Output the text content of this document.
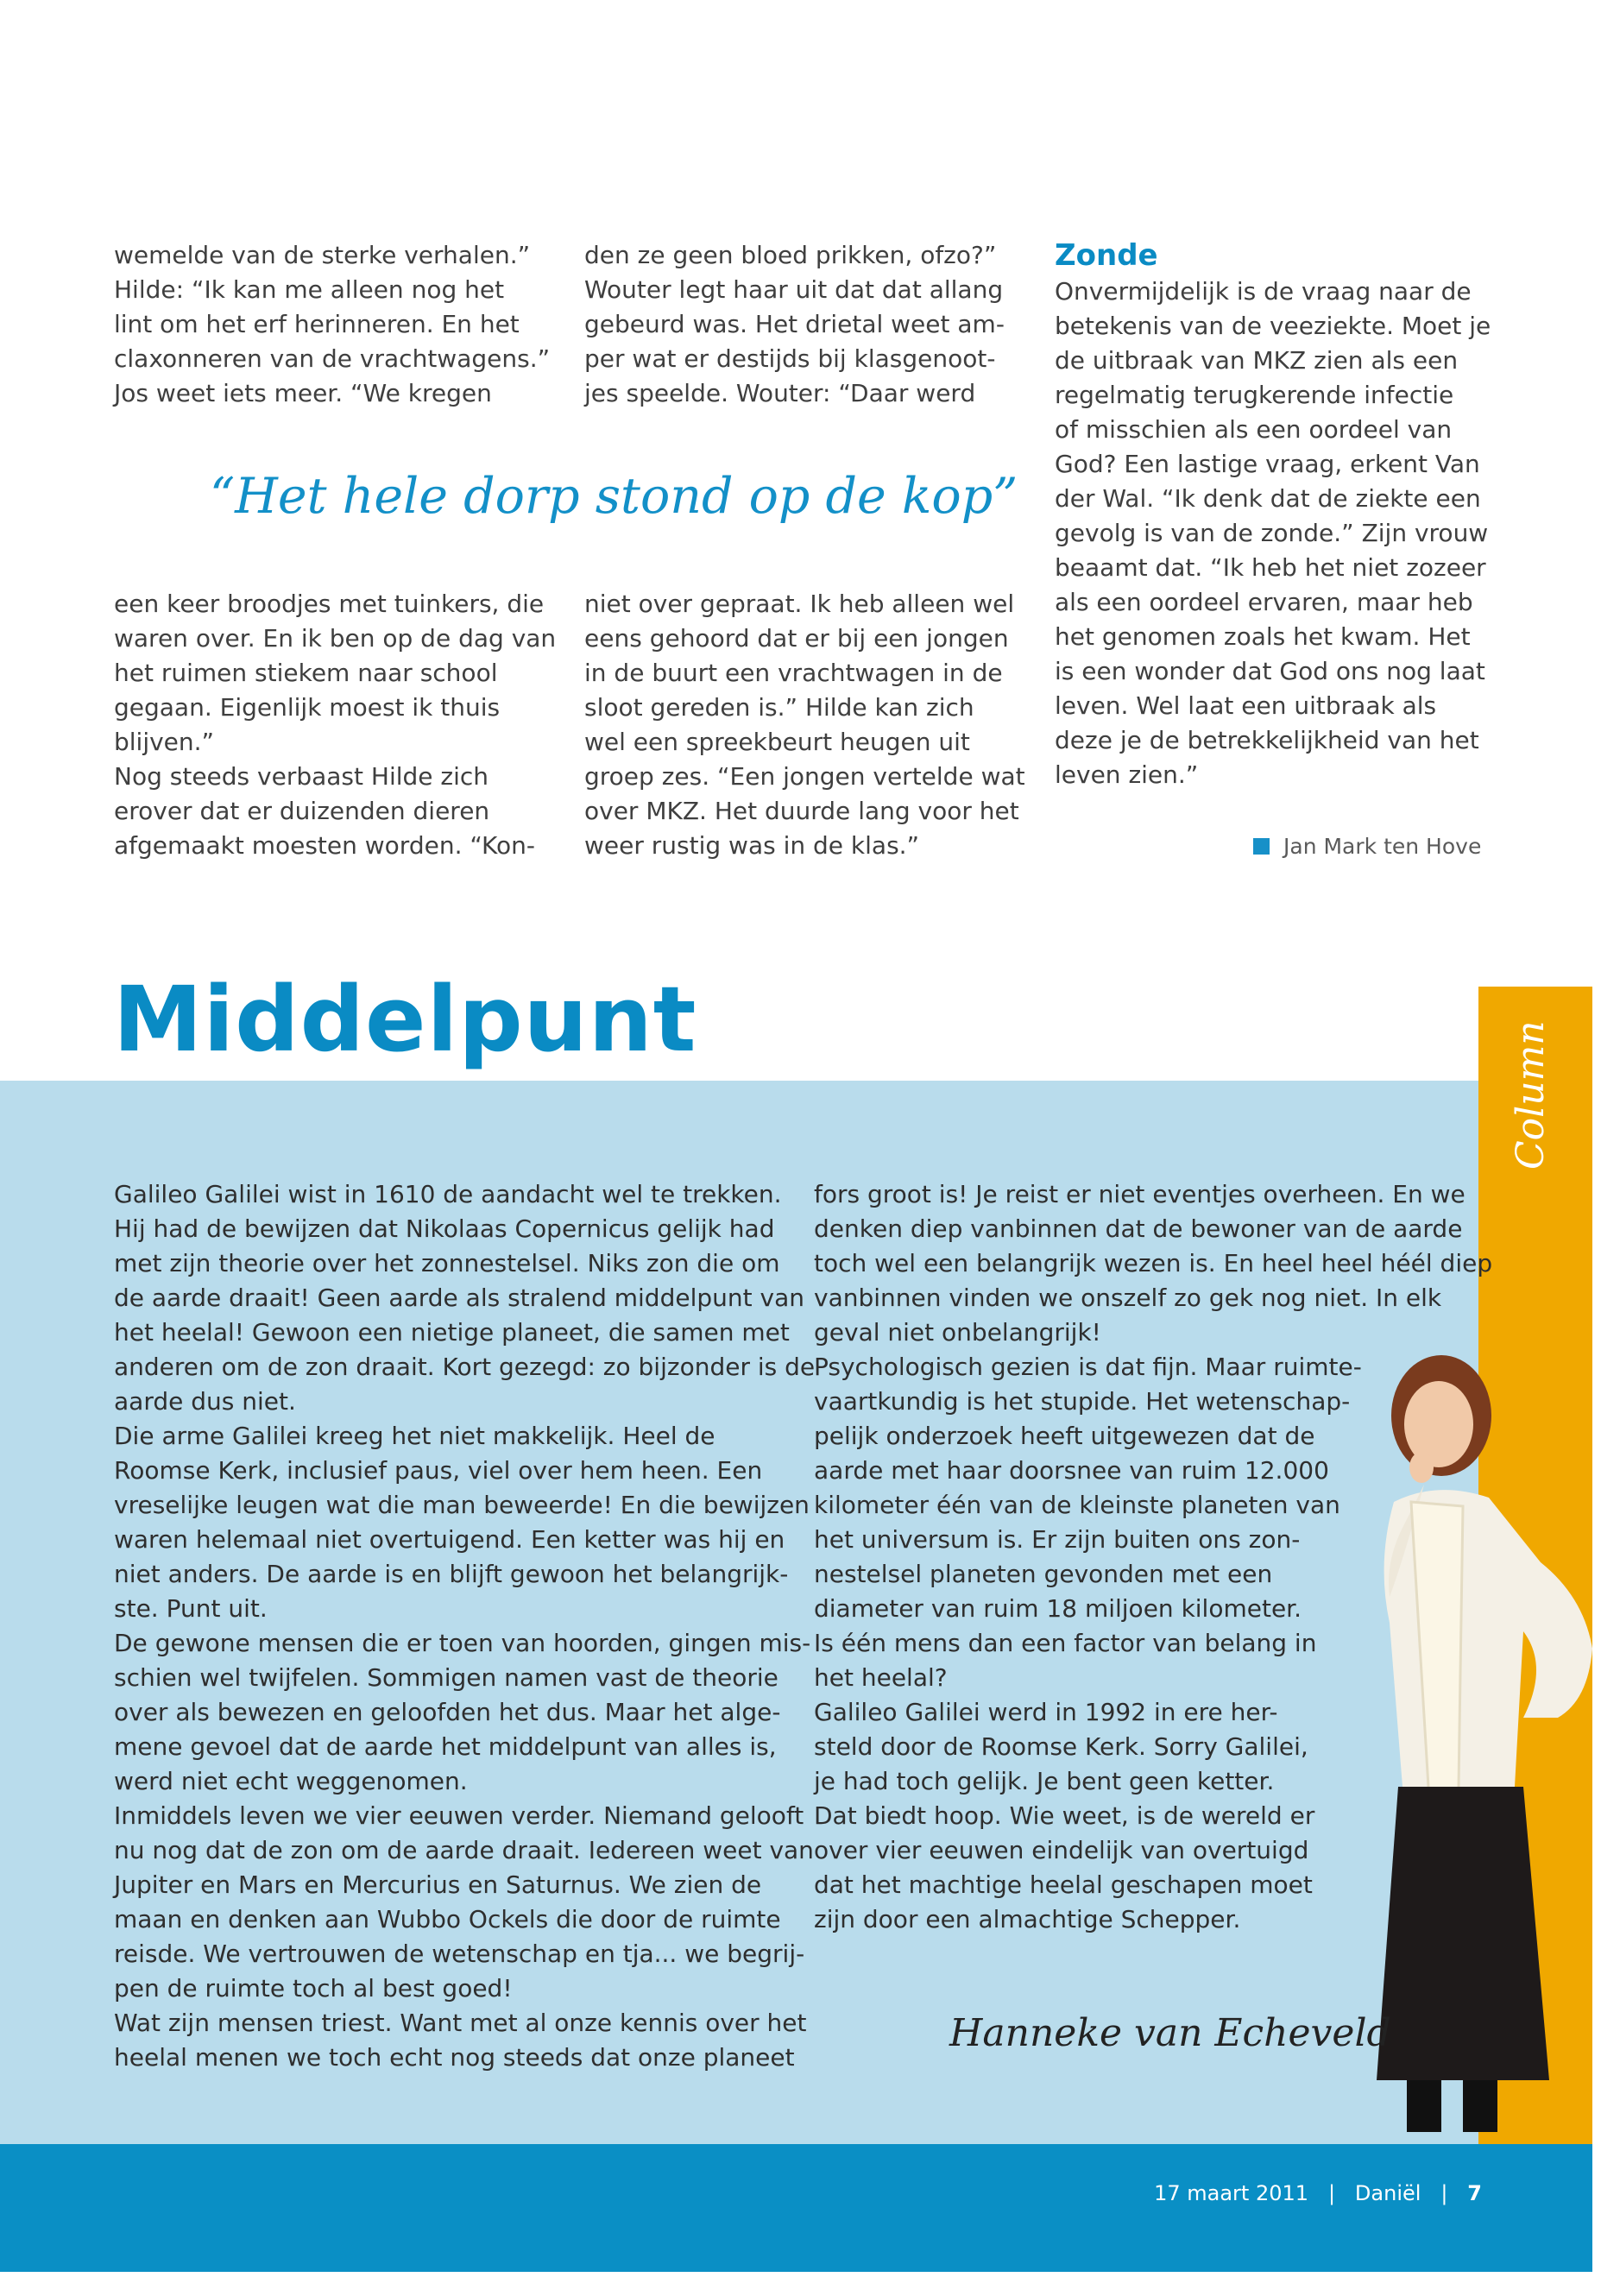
wemelde van de sterke verhalen.”
Hilde: “Ik kan me alleen nog het
lint om het erf herinneren. En het
claxonneren van de vrachtwagens.”
Jos weet iets meer. “We kregen
den ze geen bloed prikken, ofzo?”
Wouter legt haar uit dat dat allang
gebeurd was. Het drietal weet am-
per wat er destijds bij klasgenoot-
jes speelde. Wouter: “Daar werd
Zonde
Onvermijdelijk is de vraag naar de
betekenis van de veeziekte. Moet je
de uitbraak van MKZ zien als een
regelmatig terugkerende infectie
of misschien als een oordeel van
God? Een lastige vraag, erkent Van
der Wal. “Ik denk dat de ziekte een
gevolg is van de zonde.” Zijn vrouw
beaamt dat. “Ik heb het niet zozeer
als een oordeel ervaren, maar heb
het genomen zoals het kwam. Het
is een wonder dat God ons nog laat
leven. Wel laat een uitbraak als
deze je de betrekkelijkheid van het
leven zien.”
“Het hele dorp stond op de kop”
een keer broodjes met tuinkers, die
waren over. En ik ben op de dag van
het ruimen stiekem naar school
gegaan. Eigenlijk moest ik thuis
blijven.”
Nog steeds verbaast Hilde zich
erover dat er duizenden dieren
afgemaakt moesten worden. “Kon-
niet over gepraat. Ik heb alleen wel
eens gehoord dat er bij een jongen
in de buurt een vrachtwagen in de
sloot gereden is.” Hilde kan zich
wel een spreekbeurt heugen uit
groep zes. “Een jongen vertelde wat
over MKZ. Het duurde lang voor het
weer rustig was in de klas.”	Jan Mark ten Hove
Column
Middelpunt
Galileo Galilei wist in 1610 de aandacht wel te trekken.
Hij had de bewijzen dat Nikolaas Copernicus gelijk had
met zijn theorie over het zonnestelsel. Niks zon die om
de aarde draait! Geen aarde als stralend middelpunt van
het heelal! Gewoon een nietige planeet, die samen met
anderen om de zon draait. Kort gezegd: zo bijzonder is de
aarde dus niet.
Die arme Galilei kreeg het niet makkelijk. Heel de
Roomse Kerk, inclusief paus, viel over hem heen. Een
vreselijke leugen wat die man beweerde! En die bewijzen
waren helemaal niet overtuigend. Een ketter was hij en
niet anders. De aarde is en blijft gewoon het belangrijk-
ste. Punt uit.
De gewone mensen die er toen van hoorden, gingen mis-
schien wel twijfelen. Sommigen namen vast de theorie
over als bewezen en geloofden het dus. Maar het alge-
mene gevoel dat de aarde het middelpunt van alles is,
werd niet echt weggenomen.
Inmiddels leven we vier eeuwen verder. Niemand gelooft
nu nog dat de zon om de aarde draait. Iedereen weet van
Jupiter en Mars en Mercurius en Saturnus. We zien de
maan en denken aan Wubbo Ockels die door de ruimte
reisde. We vertrouwen de wetenschap en tja... we begrij-
pen de ruimte toch al best goed!
Wat zijn mensen triest. Want met al onze kennis over het
heelal menen we toch echt nog steeds dat onze planeet
fors groot is! Je reist er niet eventjes overheen. En we
denken diep vanbinnen dat de bewoner van de aarde
toch wel een belangrijk wezen is. En heel heel héél diep
vanbinnen vinden we onszelf zo gek nog niet. In elk
geval niet onbelangrijk!
Psychologisch gezien is dat fijn. Maar ruimte-
vaartkundig is het stupide. Het wetenschap-
pelijk onderzoek heeft uitgewezen dat de
aarde met haar doorsnee van ruim 12.000
kilometer één van de kleinste planeten van
het universum is. Er zijn buiten ons zon-
nestelsel planeten gevonden met een
diameter van ruim 18 miljoen kilometer.
Is één mens dan een factor van belang in
het heelal?
Galileo Galilei werd in 1992 in ere her-
steld door de Roomse Kerk. Sorry Galilei,
je had toch gelijk. Je bent geen ketter.
Dat biedt hoop. Wie weet, is de wereld er
over vier eeuwen eindelijk van overtuigd
dat het machtige heelal geschapen moet
zijn door een almachtige Schepper.
Hanneke van Echeveld
17 maart 2011 | Daniël | 7
